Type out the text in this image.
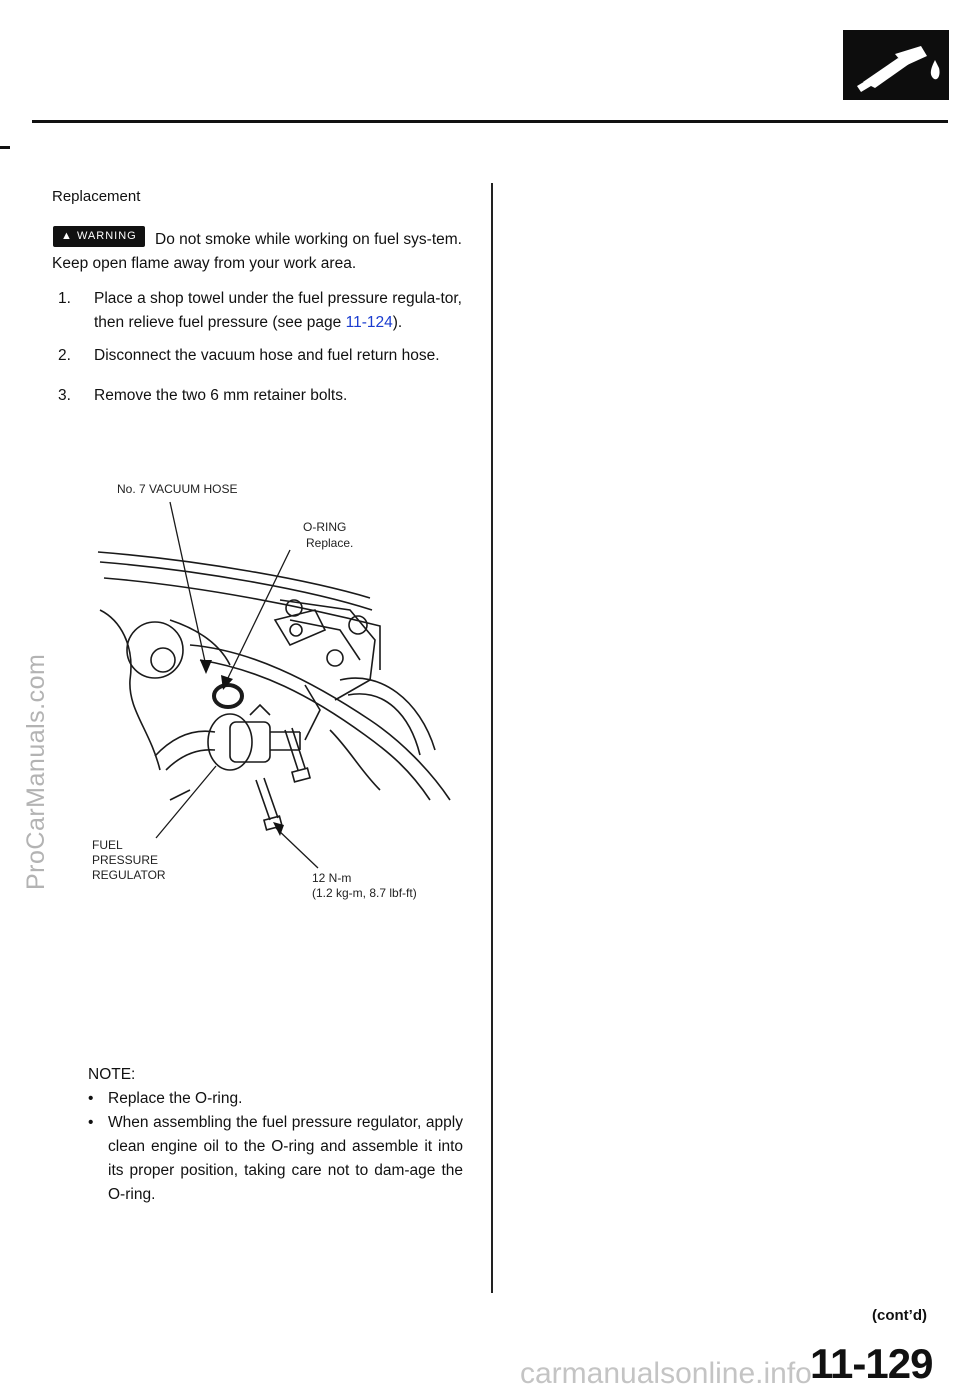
Replacement
Do not smoke while working on fuel sys-tem. Keep open flame away from your work area.
▲ WARNING
1. Place a shop towel under the fuel pressure regula-tor, then relieve fuel pressure (see page 11-124).
2. Disconnect the vacuum hose and fuel return hose.
3. Remove the two 6 mm retainer bolts.
No. 7 VACUUM HOSE
O-RING
Replace.
FUEL
PRESSURE
REGULATOR	12 N-m
(1.2 kg-m, 8.7 lbf-ft)
NOTE:
• Replace the O-ring.
• When assembling the fuel pressure regulator, apply clean engine oil to the O-ring and assemble it into its proper position, taking care not to dam-age the O-ring.
(cont’d)
11-129
ProCarManuals.com
carmanualsonline.info
